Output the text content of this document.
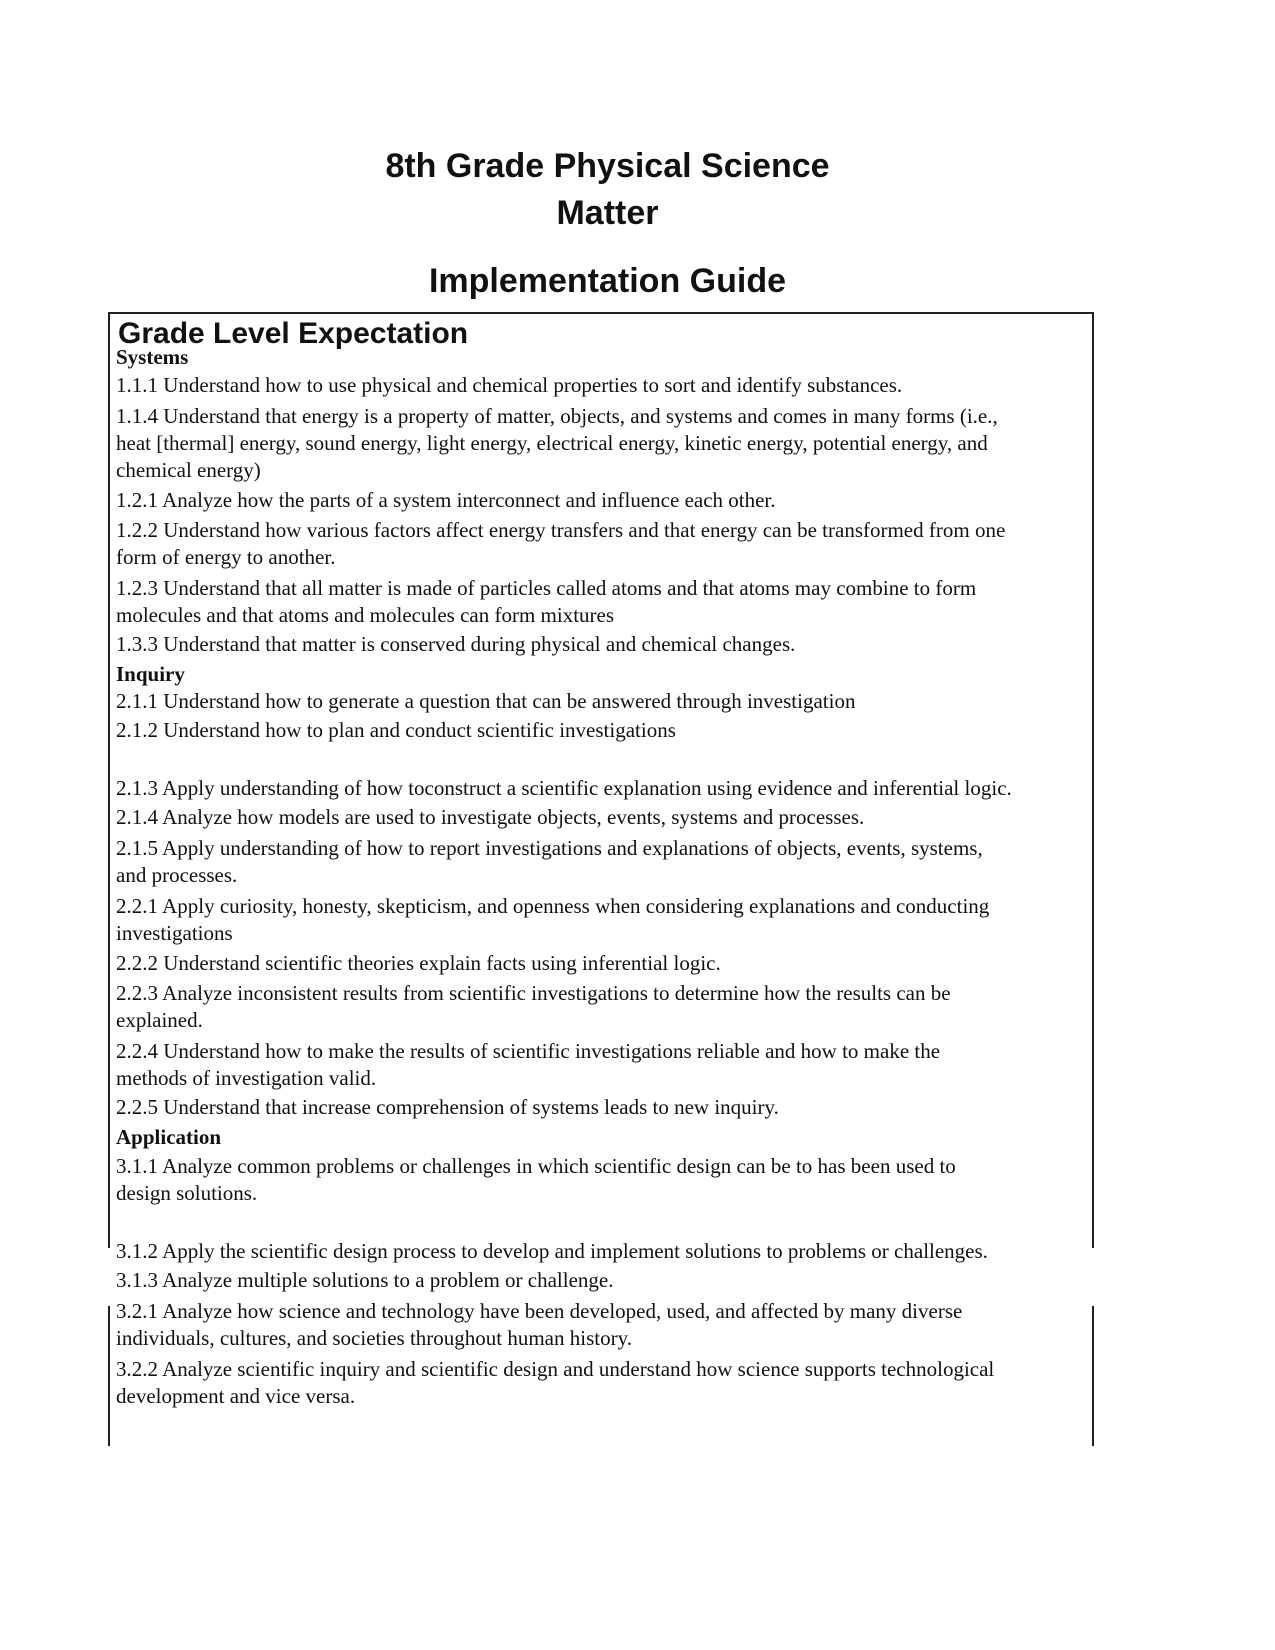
8th Grade Physical Science
Matter
Implementation Guide
Grade Level Expectation
Systems
1.1.1 Understand how to use physical and chemical properties to sort and identify substances.
1.1.4 Understand that energy is a property of matter, objects, and systems and comes in many forms (i.e.,
heat [thermal] energy, sound energy, light energy, electrical energy, kinetic energy, potential energy, and
chemical energy)
1.2.1 Analyze how the parts of a system interconnect and influence each other.
1.2.2 Understand how various factors affect energy transfers and that energy can be transformed from one
form of energy to another.
1.2.3 Understand that all matter is made of particles called atoms and that atoms may combine to form
molecules and that atoms and molecules can form mixtures
1.3.3 Understand that matter is conserved during physical and chemical changes.
Inquiry
2.1.1 Understand how to generate a question that can be answered through investigation
2.1.2 Understand how to plan and conduct scientific investigations
2.1.3 Apply understanding of how toconstruct a scientific explanation using evidence and inferential logic.
2.1.4 Analyze how models are used to investigate objects, events, systems and processes.
2.1.5 Apply understanding of how to report investigations and explanations of objects, events, systems,
and processes.
2.2.1 Apply curiosity, honesty, skepticism, and openness when considering explanations and conducting
investigations
2.2.2 Understand scientific theories explain facts using inferential logic.
2.2.3 Analyze inconsistent results from scientific investigations to determine how the results can be
explained.
2.2.4 Understand how to make the results of scientific investigations reliable and how to make the
methods of investigation valid.
2.2.5 Understand that increase comprehension of systems leads to new inquiry.
Application
3.1.1 Analyze common problems or challenges in which scientific design can be to has been used to
design solutions.
3.1.2 Apply the scientific design process to develop and implement solutions to problems or challenges.
3.1.3 Analyze multiple solutions to a problem or challenge.
3.2.1 Analyze how science and technology have been developed, used, and affected by many diverse
individuals, cultures, and societies throughout human history.
3.2.2 Analyze scientific inquiry and scientific design and understand how science supports technological
development and vice versa.
